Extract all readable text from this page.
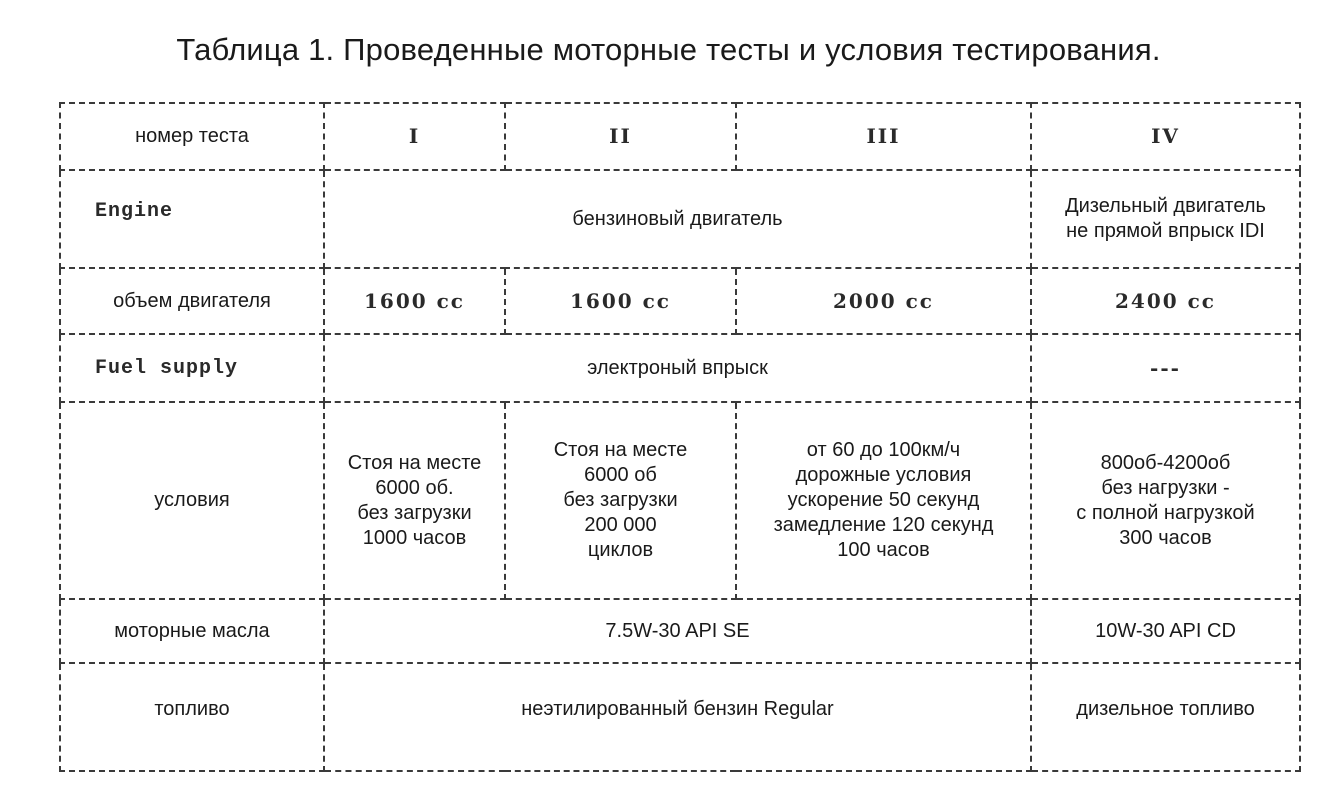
Таблица 1. Проведенные моторные тесты и условия тестирования.
номер теста	I	II	III	IV
Engine	бензиновый двигатель			Дизельный двигатель
не прямой впрыск IDI

объем двигателя	1600 cc	1600 cc	2000 cc	2400 cc
Fuel supply	электроный впрыск			---
условия	Стоя на месте
6000 об.
без загрузки
1000 часов	Стоя на месте
6000 об
без загрузки
200 000
циклов	от 60 до 100км/ч
дорожные условия
ускорение 50 секунд
замедление 120 секунд
100 часов	800об-4200об
без нагрузки -
с полной нагрузкой
300 часов

моторные масла	7.5W-30 API SE			10W-30 API CD
топливо	неэтилированный бензин Regular			дизельное топливо
